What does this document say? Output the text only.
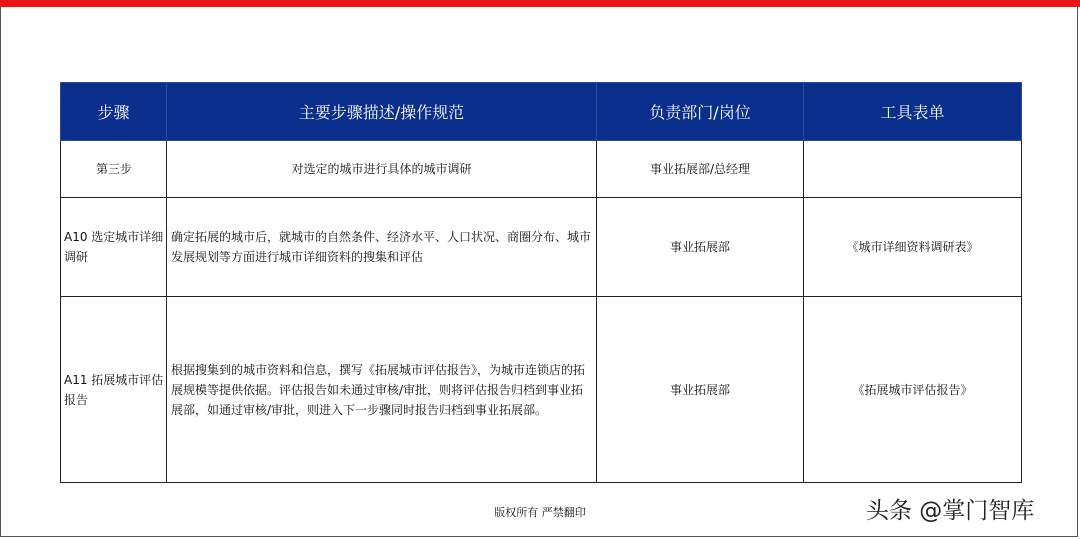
步骤	主要步骤描述/操作规范	负责部门/岗位	工具表单
第三步	对选定的城市进行具体的城市调研	事业拓展部/总经理	
A10 选定城市详细调研	确定拓展的城市后，就城市的自然条件、经济水平、人口状况、商圈分布、城市发展规划等方面进行城市详细资料的搜集和评估	事业拓展部	《城市详细资料调研表》
A11 拓展城市评估报告	根据搜集到的城市资料和信息，撰写《拓展城市评估报告》，为城市连锁店的拓展规模等提供依据。评估报告如未通过审核/审批，则将评估报告归档到事业拓展部，如通过审核/审批，则进入下一步骤同时报告归档到事业拓展部。	事业拓展部	《拓展城市评估报告》
版权所有 严禁翻印	头条 @掌门智库
